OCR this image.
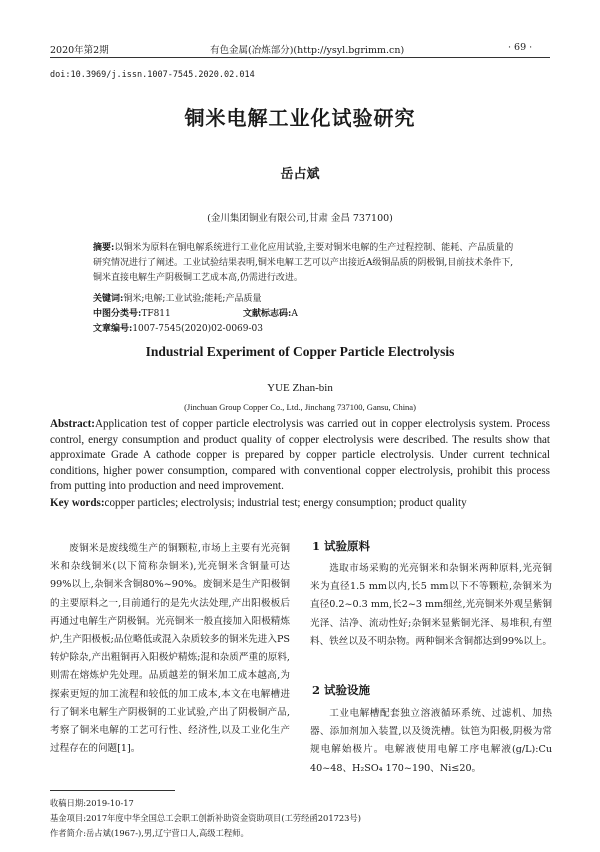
2020年第2期	有色金属(冶炼部分)(http://ysyl.bgrimm.cn)	· 69 ·
doi:10.3969/j.issn.1007-7545.2020.02.014
铜米电解工业化试验研究
岳占斌
(金川集团铜业有限公司,甘肃 金昌 737100)
摘要:以铜米为原料在铜电解系统进行工业化应用试验,主要对铜米电解的生产过程控制、能耗、产品质量的研究情况进行了阐述。工业试验结果表明,铜米电解工艺可以产出接近A级铜品质的阴极铜,目前技术条件下,铜米直接电解生产阴极铜工艺成本高,仍需进行改进。
关键词:铜米;电解;工业试验;能耗;产品质量
中图分类号:TF811	文献标志码:A文章编号:1007-7545(2020)02-0069-03
Industrial Experiment of Copper Particle Electrolysis
YUE Zhan-bin
(Jinchuan Group Copper Co., Ltd., Jinchang 737100, Gansu, China)
Abstract:Application test of copper particle electrolysis was carried out in copper electrolysis system. Process control, energy consumption and product quality of copper electrolysis were described. The results show that approximate Grade A cathode copper is prepared by copper particle electrolysis. Under current technical conditions, higher power consumption, compared with conventional copper electrolysis, prohibit this process from putting into production and need improvement.
Key words:copper particles; electrolysis; industrial test; energy consumption; product quality
废铜米是废线缆生产的铜颗粒,市场上主要有光亮铜米和杂线铜米(以下简称杂铜米),光亮铜米含铜量可达99%以上,杂铜米含铜80%~90%。废铜米是生产阳极铜的主要原料之一,目前通行的是先火法处理,产出阳极板后再通过电解生产阴极铜。光亮铜米一般直接加入阳极精炼炉,生产阳极板;品位略低或混入杂质较多的铜米先进入PS转炉除杂,产出粗铜再入阳极炉精炼;混和杂质严重的原料,则需在熔炼炉先处理。品质越差的铜米加工成本越高,为探索更短的加工流程和较低的加工成本,本文在电解槽进行了铜米电解生产阴极铜的工业试验,产出了阴极铜产品,考察了铜米电解的工艺可行性、经济性,以及工业化生产过程存在的问题[1]。
1 试验原料
选取市场采购的光亮铜米和杂铜米两种原料,光亮铜米为直径1.5 mm以内,长5 mm以下不等颗粒,杂铜米为直径0.2~0.3 mm,长2~3 mm细丝,光亮铜米外观呈紫铜光泽、洁净、流动性好;杂铜米显紫铜光泽、易堆积,有塑料、铁丝以及不明杂物。两种铜米含铜都达到99%以上。
2 试验设施
工业电解槽配套独立溶液循环系统、过滤机、加热器、添加剂加入装置,以及烫洗槽。钛笆为阳极,阴极为常规电解始极片。电解液使用电解工序电解液(g/L):Cu 40~48、H₂SO₄ 170~190、Ni≤20。
收稿日期:2019-10-17
基金项目:2017年度中华全国总工会职工创新补助资金资助项目(工劳经函201723号)
作者简介:岳占斌(1967-),男,辽宁营口人,高级工程师。
